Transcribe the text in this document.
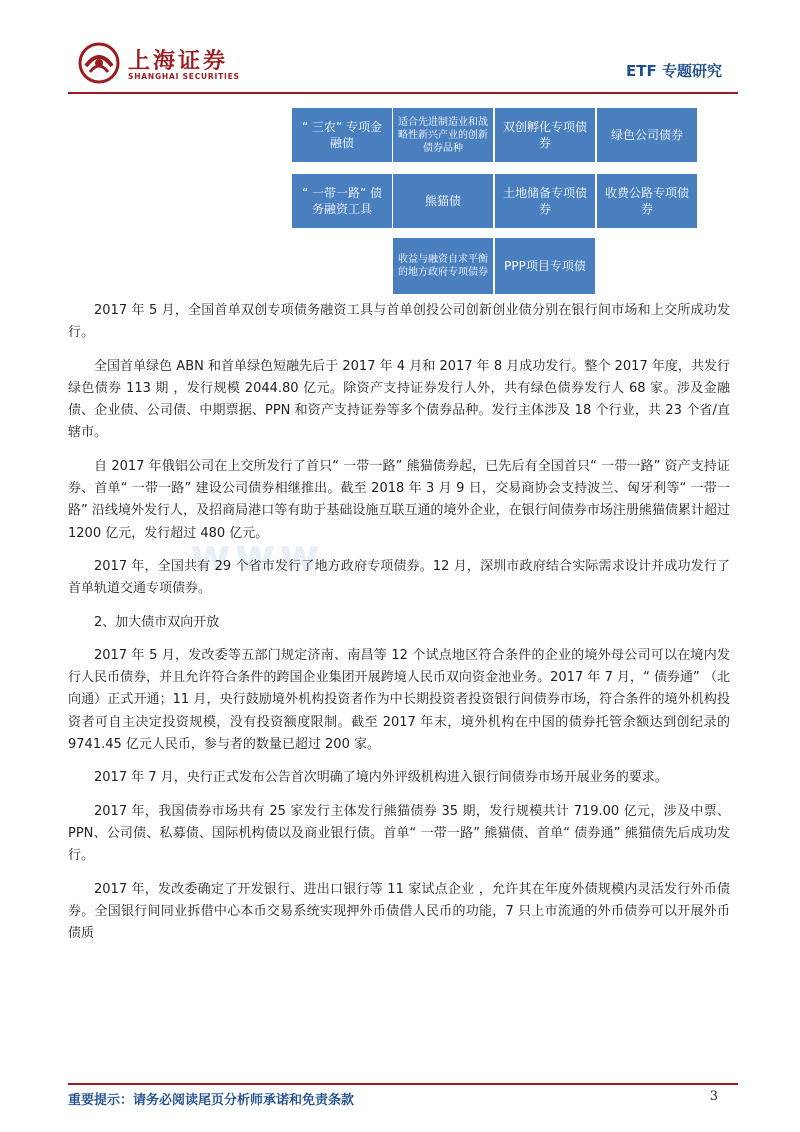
上海证券
SHANGHAI SECURITIES	ETF 专题研究
“ 三农” 专项金融债
适合先进制造业和战略性新兴产业的创新债券品种
双创孵化专项债券
绿色公司债券
“ 一带一路” 债务融资工具
熊猫债
土地储备专项债券
收费公路专项债券
收益与融资自求平衡的地方政府专项债券	PPP项目专项债
www.

2017 年 5 月，全国首单双创专项债务融资工具与首单创投公司创新创业债分别在银行间市场和上交所成功发行。

全国首单绿色 ABN 和首单绿色短融先后于 2017 年 4 月和 2017 年 8 月成功发行。整个 2017 年度，共发行绿色债券 113 期 ，发行规模 2044.80 亿元。除资产支持证券发行人外，共有绿色债券发行人 68 家。涉及金融债、企业债、公司债、中期票据、PPN 和资产支持证券等多个债券品种。发行主体涉及 18 个行业，共 23 个省/直辖市。

自 2017 年俄铝公司在上交所发行了首只“ 一带一路” 熊猫债券起，已先后有全国首只“ 一带一路” 资产支持证券、首单“ 一带一路” 建设公司债券相继推出。截至 2018 年 3 月 9 日，交易商协会支持波兰、匈牙利等“ 一带一路” 沿线境外发行人，及招商局港口等有助于基础设施互联互通的境外企业，在银行间债券市场注册熊猫债累计超过 1200 亿元，发行超过 480 亿元。

2017 年，全国共有 29 个省市发行了地方政府专项债券。12 月，深圳市政府结合实际需求设计并成功发行了首单轨道交通专项债券。

2、加大债市双向开放

2017 年 5 月，发改委等五部门规定济南、南昌等 12 个试点地区符合条件的企业的境外母公司可以在境内发行人民币债券，并且允许符合条件的跨国企业集团开展跨境人民币双向资金池业务。2017 年 7 月，“ 债券通” （北向通）正式开通；11 月，央行鼓励境外机构投资者作为中长期投资者投资银行间债券市场，符合条件的境外机构投资者可自主决定投资规模，没有投资额度限制。截至 2017 年末，境外机构在中国的债券托管余额达到创纪录的 9741.45 亿元人民币，参与者的数量已超过 200 家。

2017 年 7 月，央行正式发布公告首次明确了境内外评级机构进入银行间债券市场开展业务的要求。

2017 年，我国债券市场共有 25 家发行主体发行熊猫债券 35 期，发行规模共计 719.00 亿元，涉及中票、PPN、公司债、私募债、国际机构债以及商业银行债。首单“ 一带一路” 熊猫债、首单“ 债券通” 熊猫债先后成功发行。

2017 年，发改委确定了开发银行、进出口银行等 11 家试点企业 ，允许其在年度外债规模内灵活发行外币债券。全国银行间同业拆借中心本币交易系统实现押外币债借人民币的功能，7 只上市流通的外币债券可以开展外币债质

重要提示：请务必阅读尾页分析师承诺和免责条款	3
